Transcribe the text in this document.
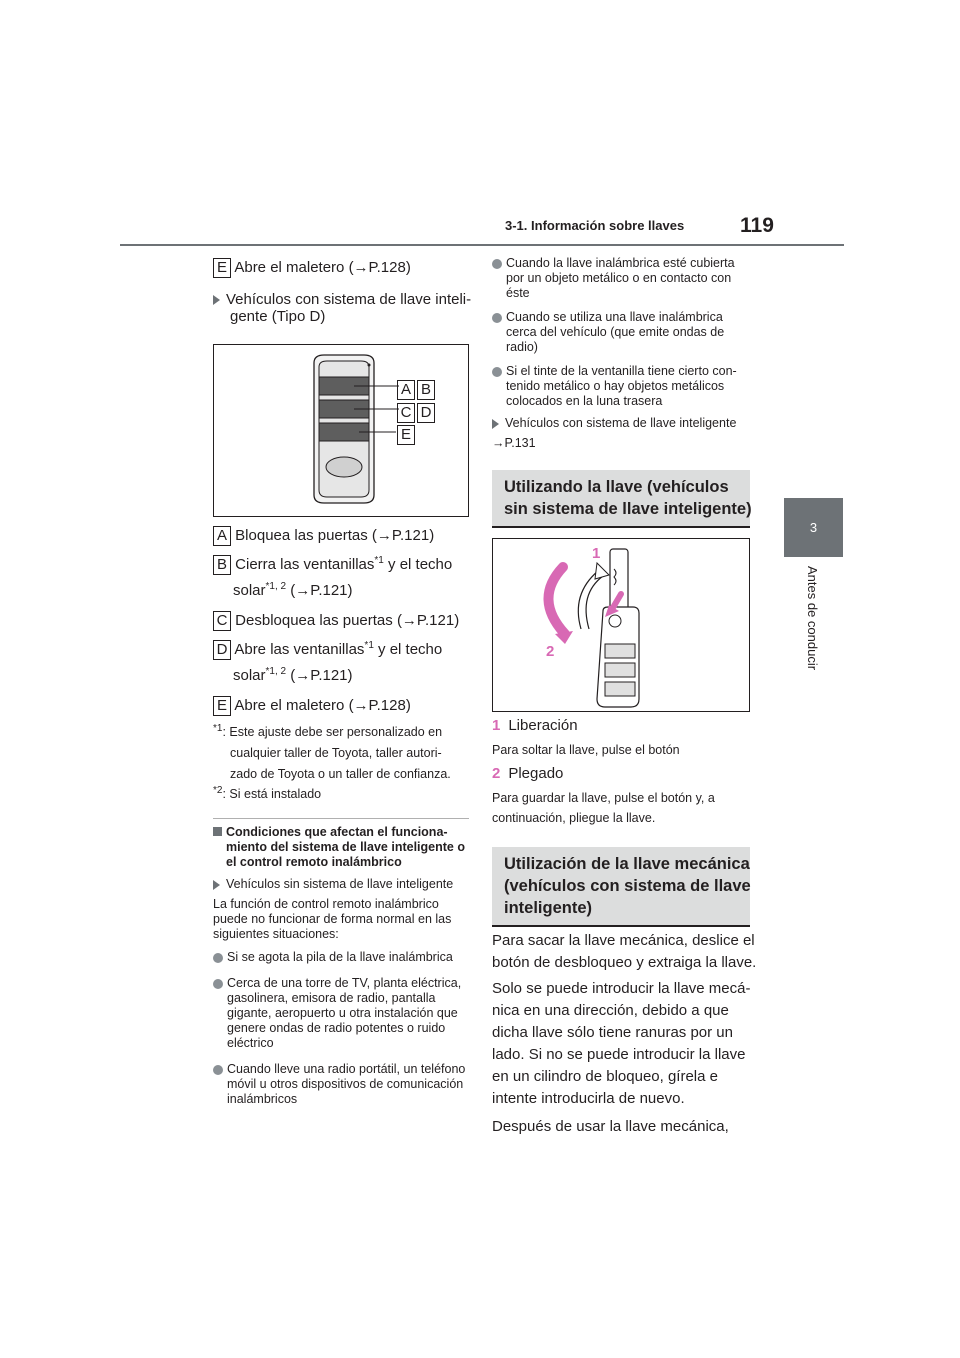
3-1. Información sobre llaves	119
3
Antes de conducir
E Abre el maletero (→P.128)
Vehículos con sistema de llave inteli-
gente (Tipo D)
A B
C D
E
A Bloquea las puertas (→P.121)
B Cierra las ventanillas$^{*1}$ y el techo
solar$^{*1, 2}$ (→P.121)
C Desbloquea las puertas (→P.121)
D Abre las ventanillas$^{*1}$ y el techo
solar$^{*1, 2}$ (→P.121)
E Abre el maletero (→P.128)
$^{*1}$: Este ajuste debe ser personalizado en
cualquier taller de Toyota, taller autori-
zado de Toyota o un taller de confianza.
$^{*2}$: Si está instalado
Condiciones que afectan el funciona-
miento del sistema de llave inteligente o
el control remoto inalámbrico
Vehículos sin sistema de llave inteligente
La función de control remoto inalámbrico
puede no funcionar de forma normal en las
siguientes situaciones:
Si se agota la pila de la llave inalámbrica
Cerca de una torre de TV, planta eléctrica,
gasolinera, emisora de radio, pantalla
gigante, aeropuerto u otra instalación que
genere ondas de radio potentes o ruido
eléctrico
Cuando lleve una radio portátil, un teléfono
móvil u otros dispositivos de comunicación
inalámbricos
Cuando la llave inalámbrica esté cubierta
por un objeto metálico o en contacto con
éste
Cuando se utiliza una llave inalámbrica
cerca del vehículo (que emite ondas de
radio)
Si el tinte de la ventanilla tiene cierto con-
tenido metálico o hay objetos metálicos
colocados en la luna trasera
Vehículos con sistema de llave inteligente
→P.131
Utilizando la llave (vehículos
sin sistema de llave inteligente)
1
2
1 Liberación
Para soltar la llave, pulse el botón
2 Plegado
Para guardar la llave, pulse el botón y, a
continuación, pliegue la llave.
Utilización de la llave mecánica
(vehículos con sistema de llave
inteligente)
Para sacar la llave mecánica, deslice el
botón de desbloqueo y extraiga la llave.
Solo se puede introducir la llave mecá-
nica en una dirección, debido a que
dicha llave sólo tiene ranuras por un
lado. Si no se puede introducir la llave
en un cilindro de bloqueo, gírela e
intente introducirla de nuevo.
Después de usar la llave mecánica,
